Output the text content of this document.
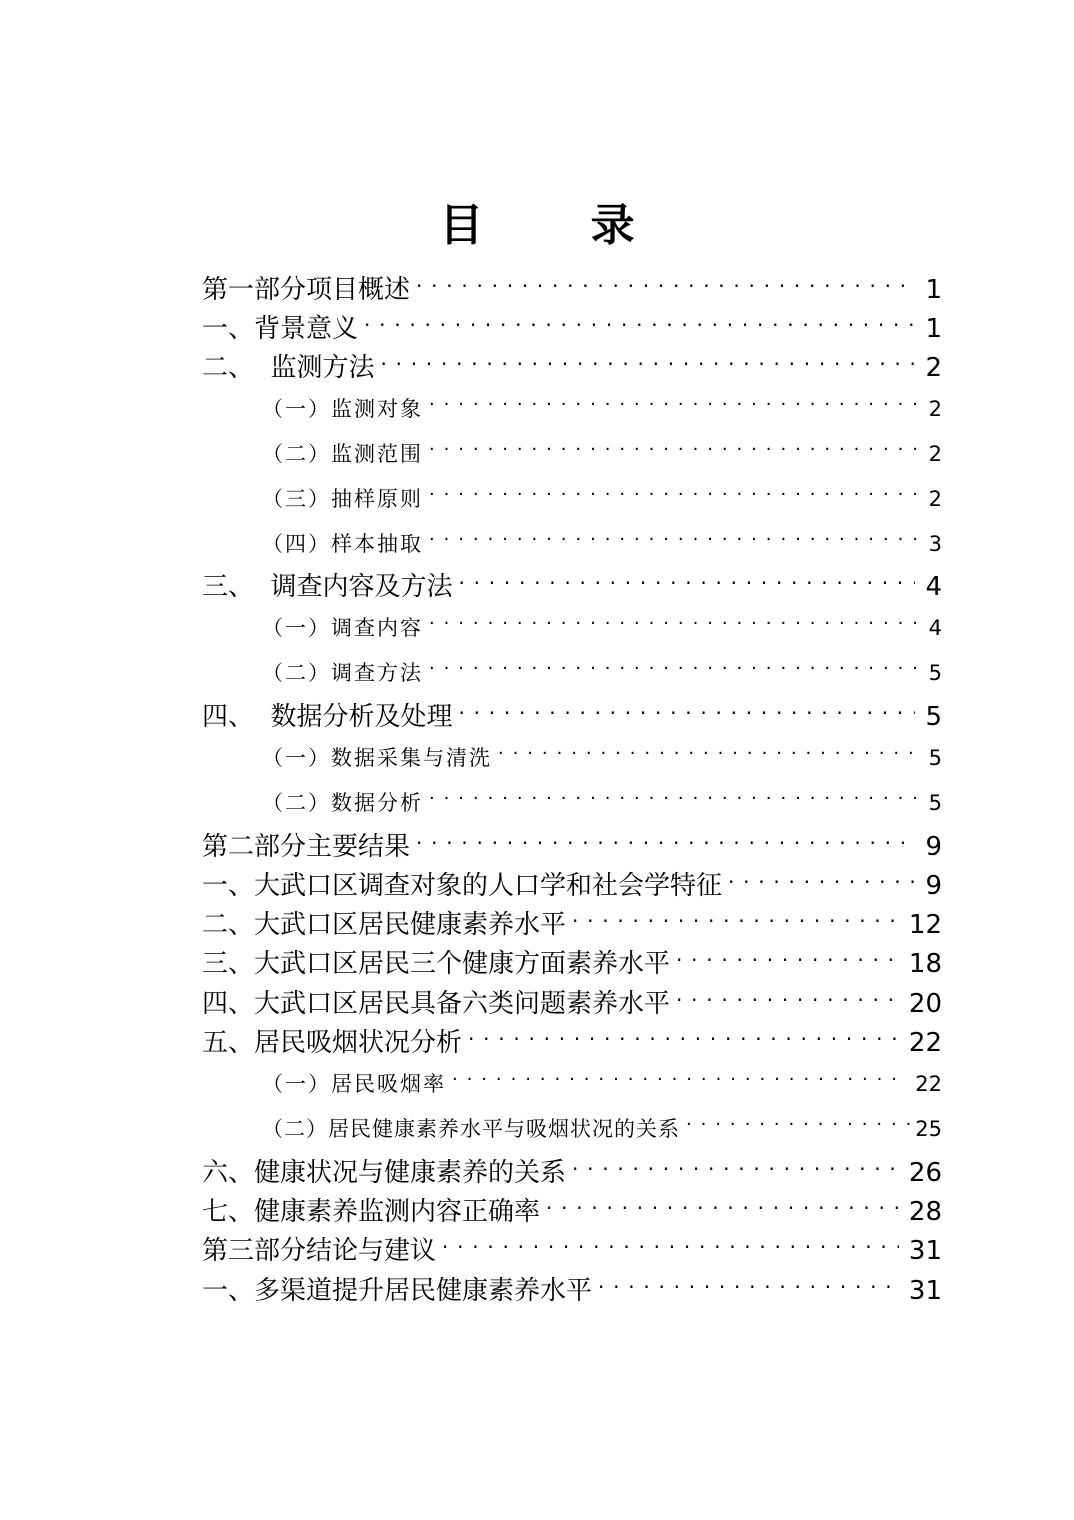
目 录
第一部分项目概述 . . .	1
一、背景意义 . . .	1
二、  监测方法 . . .	2
（一）监测对象 . . .	2
（二）监测范围 . . .	2
（三）抽样原则 . . .	2
（四）样本抽取 . . .	3
三、  调查内容及方法 . . .	4
（一）调查内容 . . .	4
（二）调查方法 . . .	5
四、  数据分析及处理 . . .	5
（一）数据采集与清洗 . . .	5
（二）数据分析 . . .	5
第二部分主要结果 . . .	9
一、大武口区调查对象的人口学和社会学特征 . . .	9
二、大武口区居民健康素养水平 . . .	12
三、大武口区居民三个健康方面素养水平 . . .	18
四、大武口区居民具备六类问题素养水平 . . .	20
五、居民吸烟状况分析 . . .	22
（一）居民吸烟率 . . .	22
（二）居民健康素养水平与吸烟状况的关系 . . .	25
六、健康状况与健康素养的关系 . . .	26
七、健康素养监测内容正确率 . . .	28
第三部分结论与建议 . . .	31
一、多渠道提升居民健康素养水平 . . .	31
